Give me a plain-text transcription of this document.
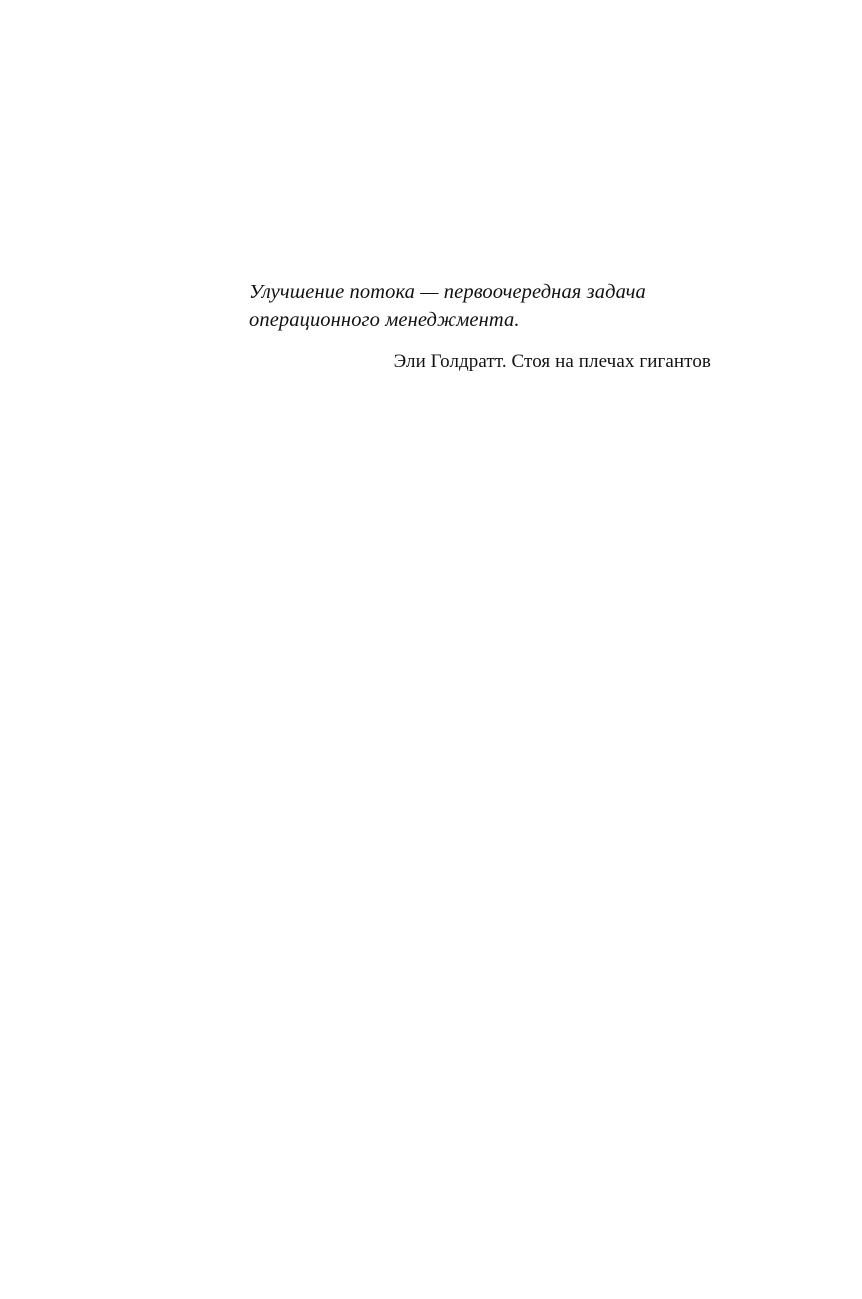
Улучшение потока — первоочередная задача операционного менеджмента.

Эли Голдратт. Стоя на плечах гигантов
